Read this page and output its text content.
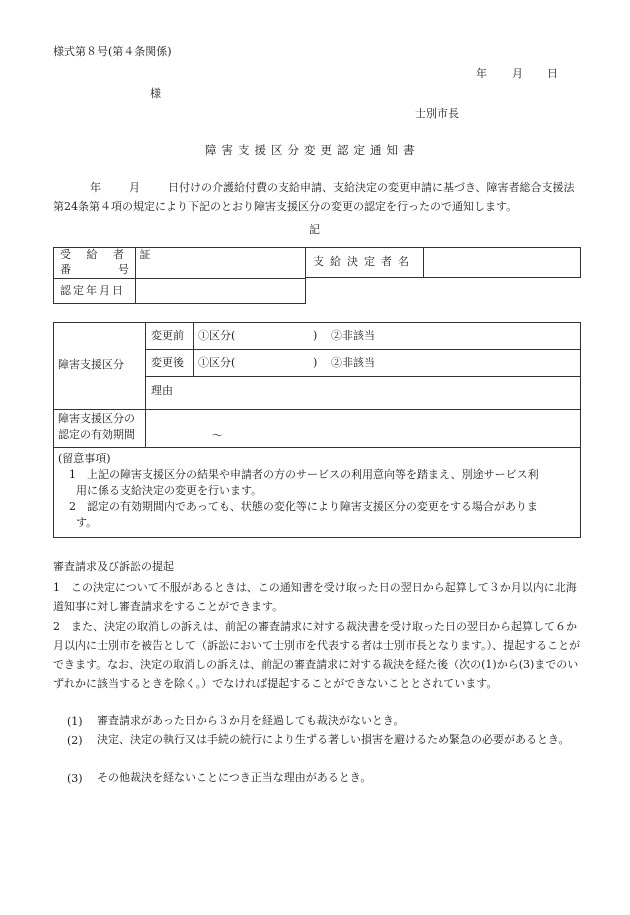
様式第８号(第４条関係)
年 月 日
様
士別市長
障害支援区分変更認定通知書
年	月	日付けの介護給付費の支給申請、支給決定の変更申請に基づき、障害者総合支援法第24条第４項の規定により下記のとおり障害支援区分の変更の認定を行ったので通知します。
記
受 給 者 証
番	号
支給決定者名
認定年月日
障害支援区分
変更前 ①区分(	) ②非該当
変更後 ①区分(	) ②非該当
理由
障害支援区分の
認定の有効期間	～
(留意事項)
1 上記の障害支援区分の結果や申請者の方のサービスの利用意向等を踏まえ、別途サービス利
用に係る支給決定の変更を行います。
2 認定の有効期間内であっても、状態の変化等により障害支援区分の変更をする場合がありま
す。
審査請求及び訴訟の提起
1　この決定について不服があるときは、この通知書を受け取った日の翌日から起算して３か月以内に北海道知事に対し審査請求をすることができます。
2　また、決定の取消しの訴えは、前記の審査請求に対する裁決書を受け取った日の翌日から起算して６か月以内に士別市を被告として（訴訟において士別市を代表する者は士別市長となります。）、提起することができます。なお、決定の取消しの訴えは、前記の審査請求に対する裁決を経た後（次の(1)から(3)までのいずれかに該当するときを除く。）でなければ提起することができないこととされています。
(1) 審査請求があった日から３か月を経過しても裁決がないとき。
(2) 決定、決定の執行又は手続の続行により生ずる著しい損害を避けるため緊急の必要があるとき。
(3) その他裁決を経ないことにつき正当な理由があるとき。
